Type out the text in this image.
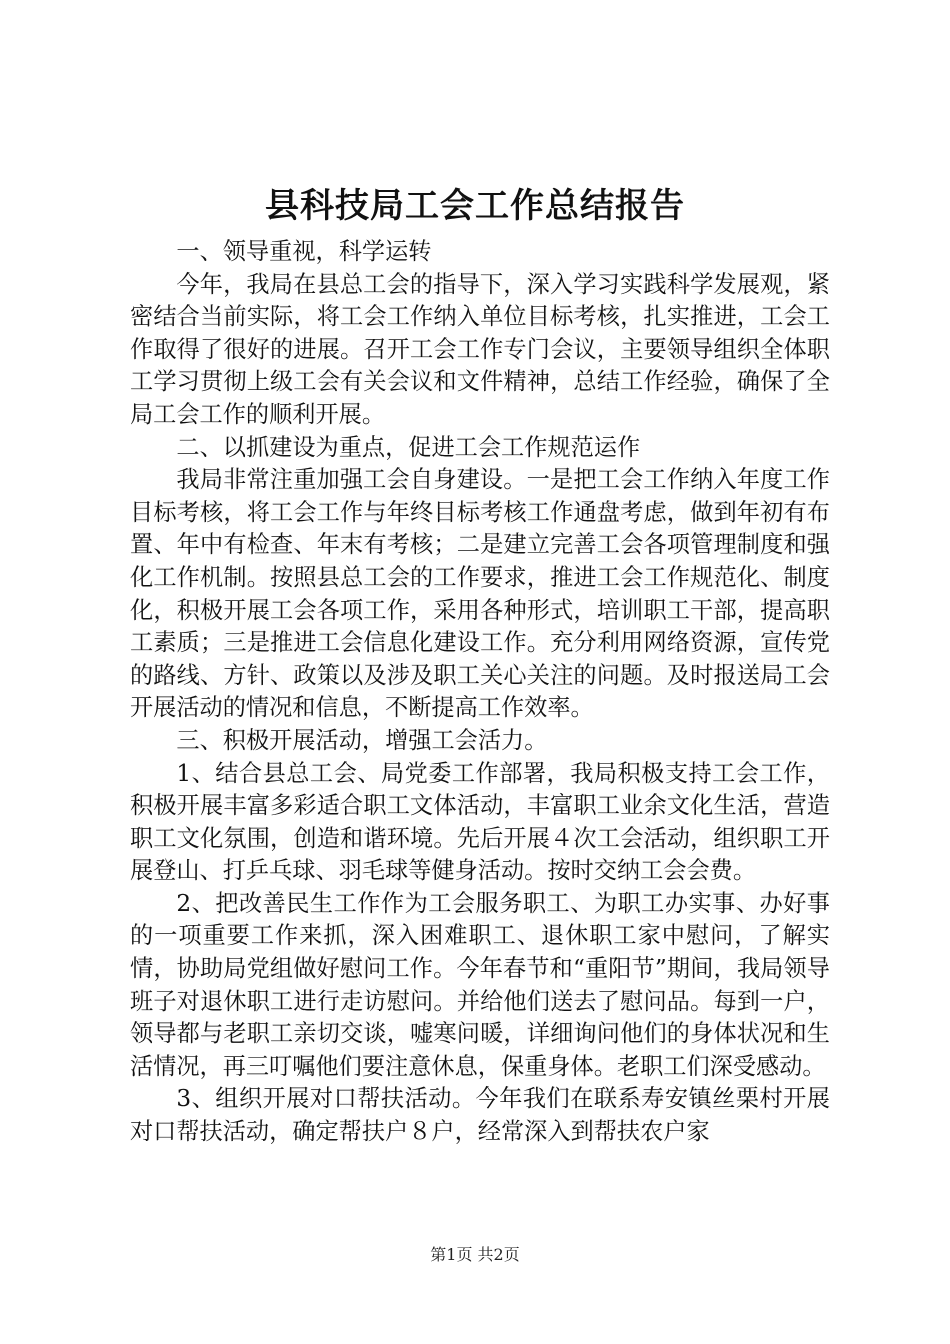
县科技局工会工作总结报告

一、领导重视，科学运转

今年，我局在县总工会的指导下，深入学习实践科学发展观，紧密结合当前实际，将工会工作纳入单位目标考核，扎实推进，工会工作取得了很好的进展。召开工会工作专门会议，主要领导组织全体职工学习贯彻上级工会有关会议和文件精神，总结工作经验，确保了全局工会工作的顺利开展。

二、以抓建设为重点，促进工会工作规范运作

我局非常注重加强工会自身建设。一是把工会工作纳入年度工作目标考核，将工会工作与年终目标考核工作通盘考虑，做到年初有布置、年中有检查、年末有考核；二是建立完善工会各项管理制度和强化工作机制。按照县总工会的工作要求，推进工会工作规范化、制度化，积极开展工会各项工作，采用各种形式，培训职工干部，提高职工素质；三是推进工会信息化建设工作。充分利用网络资源，宣传党的路线、方针、政策以及涉及职工关心关注的问题。及时报送局工会开展活动的情况和信息，不断提高工作效率。

三、积极开展活动，增强工会活力。

1、结合县总工会、局党委工作部署，我局积极支持工会工作，积极开展丰富多彩适合职工文体活动，丰富职工业余文化生活，营造职工文化氛围，创造和谐环境。先后开展４次工会活动，组织职工开展登山、打乒乓球、羽毛球等健身活动。按时交纳工会会费。

2、把改善民生工作作为工会服务职工、为职工办实事、办好事的一项重要工作来抓，深入困难职工、退休职工家中慰问，了解实情，协助局党组做好慰问工作。今年春节和“重阳节”期间，我局领导班子对退休职工进行走访慰问。并给他们送去了慰问品。每到一户，领导都与老职工亲切交谈，嘘寒问暖，详细询问他们的身体状况和生活情况，再三叮嘱他们要注意休息，保重身体。老职工们深受感动。

3、组织开展对口帮扶活动。今年我们在联系寿安镇丝栗村开展对口帮扶活动，确定帮扶户８户，经常深入到帮扶农户家

第1页 共2页
